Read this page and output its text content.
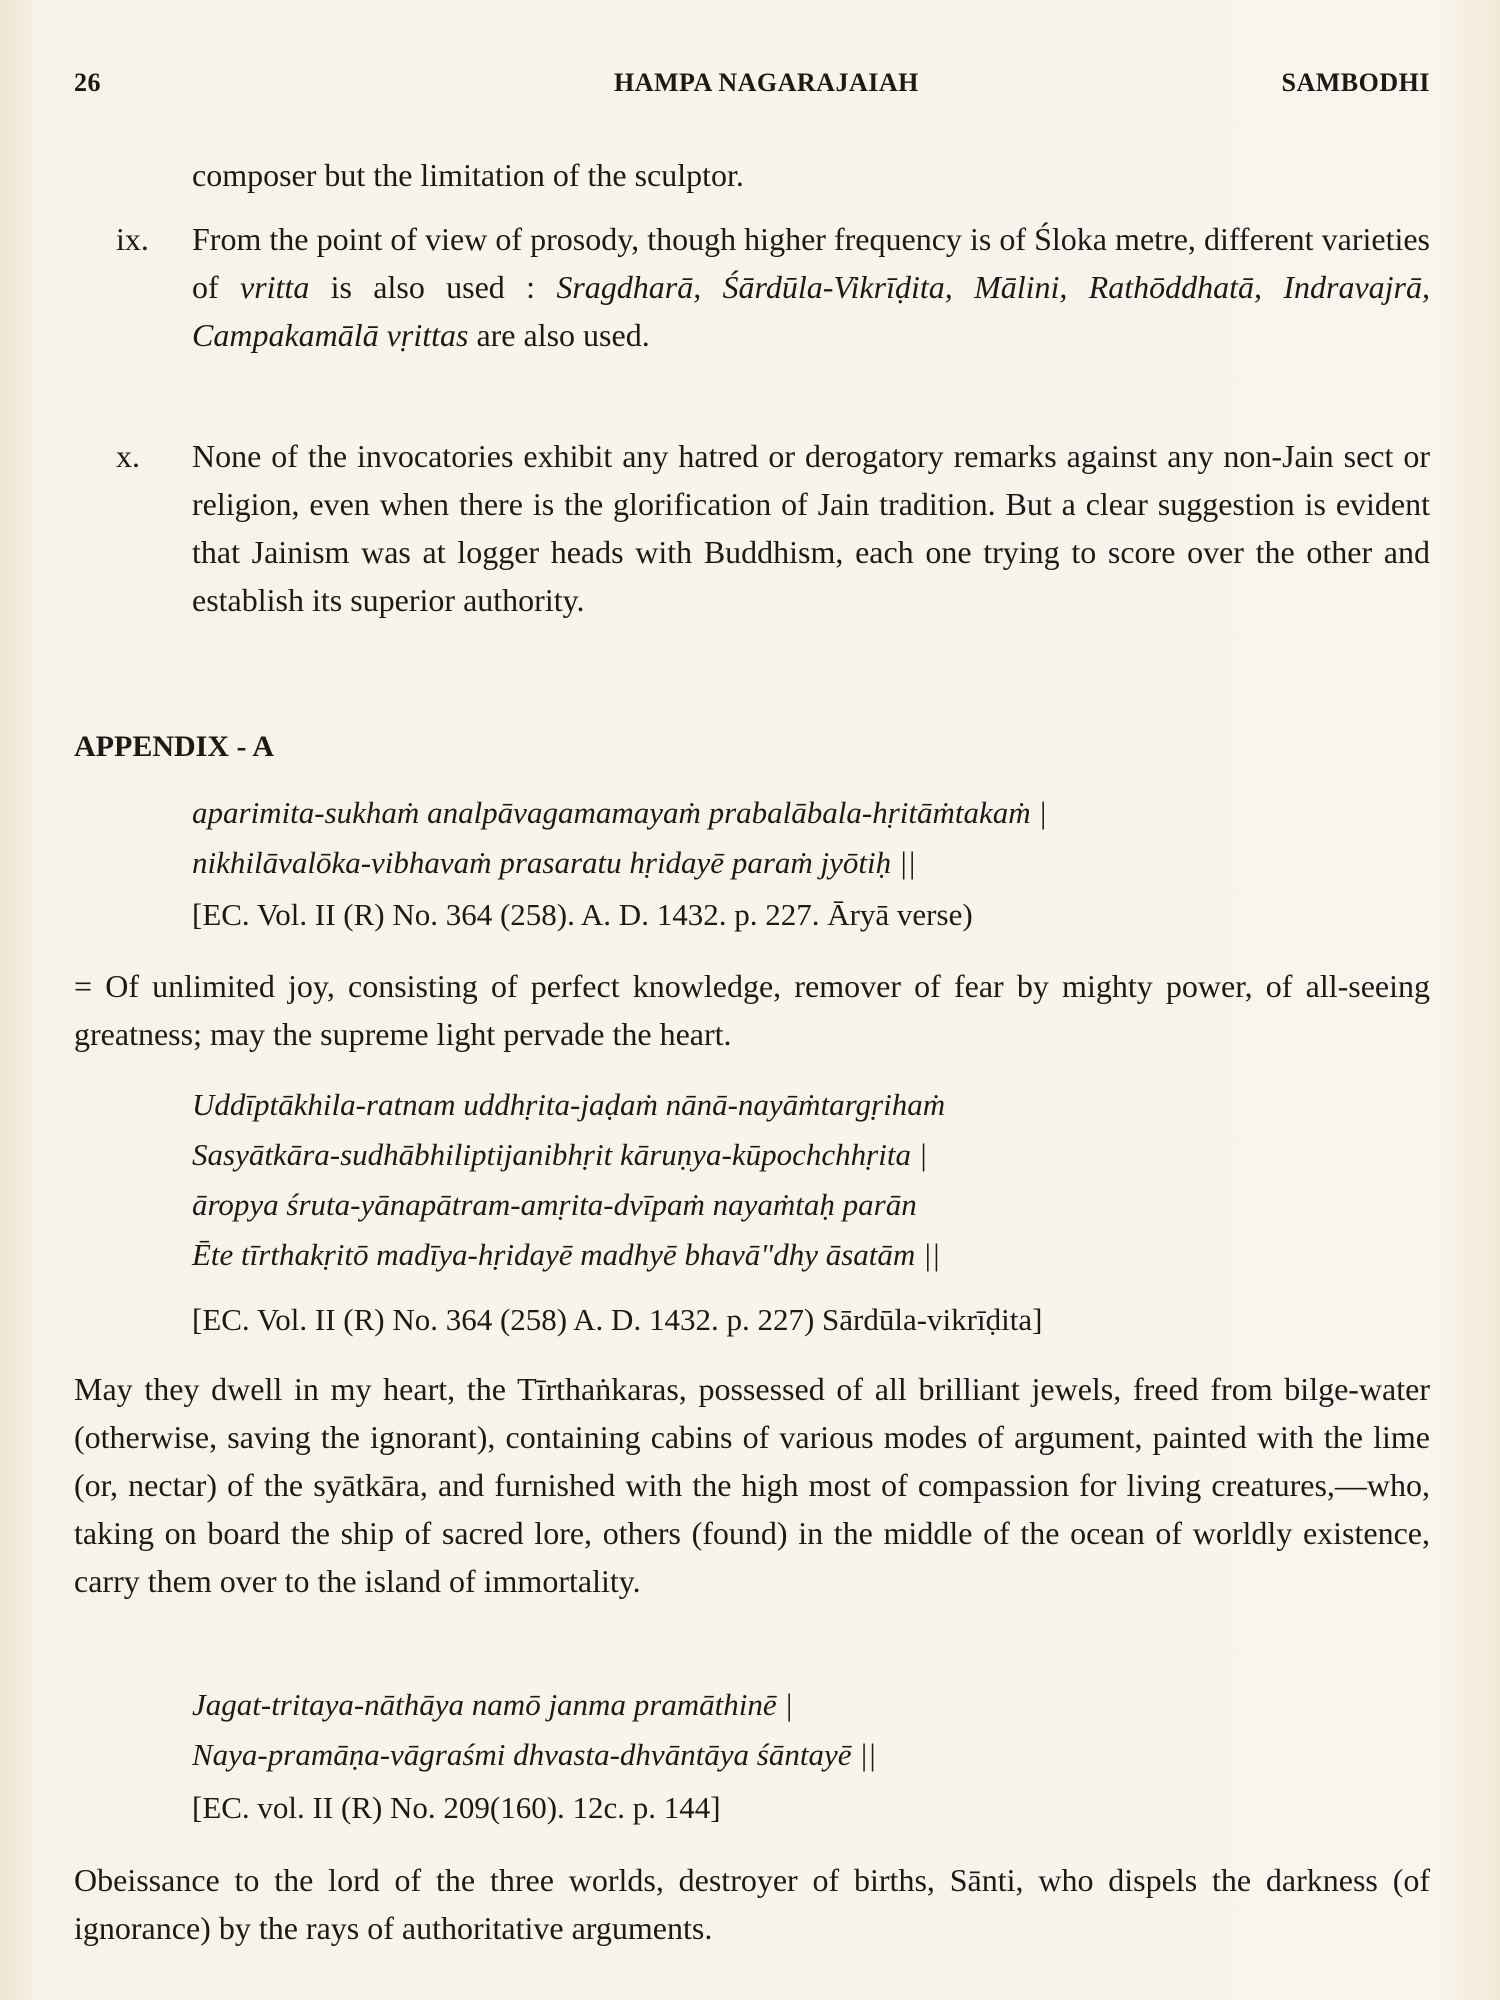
26	HAMPA NAGARAJAIAH	SAMBODHI
composer but the limitation of the sculptor.
ix.	From the point of view of prosody, though higher frequency is of Śloka metre, different varieties of vritta is also used : Sragdharā, Śārdūla-Vikrīḍita, Mālini, Rathōddhatā, Indravajrā, Campakamālā vṛittas are also used.
x.	None of the invocatories exhibit any hatred or derogatory remarks against any non-Jain sect or religion, even when there is the glorification of Jain tradition. But a clear suggestion is evident that Jainism was at logger heads with Buddhism, each one trying to score over the other and establish its superior authority.
APPENDIX - A
aparimita-sukhaṁ analpāvagamamayaṁ prabalābala-hṛitāṁtakaṁ |
nikhilāvalōka-vibhavaṁ prasaratu hṛidayē paraṁ jyōtiḥ ||
[EC. Vol. II (R) No. 364 (258). A. D. 1432. p. 227. Āryā verse)
= Of unlimited joy, consisting of perfect knowledge, remover of fear by mighty power, of all-seeing greatness; may the supreme light pervade the heart.
Uddīptākhila-ratnam uddhṛita-jaḍaṁ nānā-nayāṁtargṛihaṁ
Sasyātkāra-sudhābhiliptijanibhṛit kāruṇya-kūpochchhṛita |
āropya śruta-yānapātram-amṛita-dvīpaṁ nayaṁtaḥ parān
Ēte tīrthakṛitō madīya-hṛidayē madhyē bhavā"dhy āsatām ||
[EC. Vol. II (R) No. 364 (258) A. D. 1432. p. 227) Sārdūla-vikrīḍita]
May they dwell in my heart, the Tīrthaṅkaras, possessed of all brilliant jewels, freed from bilge-water (otherwise, saving the ignorant), containing cabins of various modes of argument, painted with the lime (or, nectar) of the syātkāra, and furnished with the high most of compassion for living creatures,—who, taking on board the ship of sacred lore, others (found) in the middle of the ocean of worldly existence, carry them over to the island of immortality.
Jagat-tritaya-nāthāya namō janma pramāthinē |
Naya-pramāṇa-vāgraśmi dhvasta-dhvāntāya śāntayē ||
[EC. vol. II (R) No. 209(160). 12c. p. 144]
Obeissance to the lord of the three worlds, destroyer of births, Sānti, who dispels the darkness (of ignorance) by the rays of authoritative arguments.
